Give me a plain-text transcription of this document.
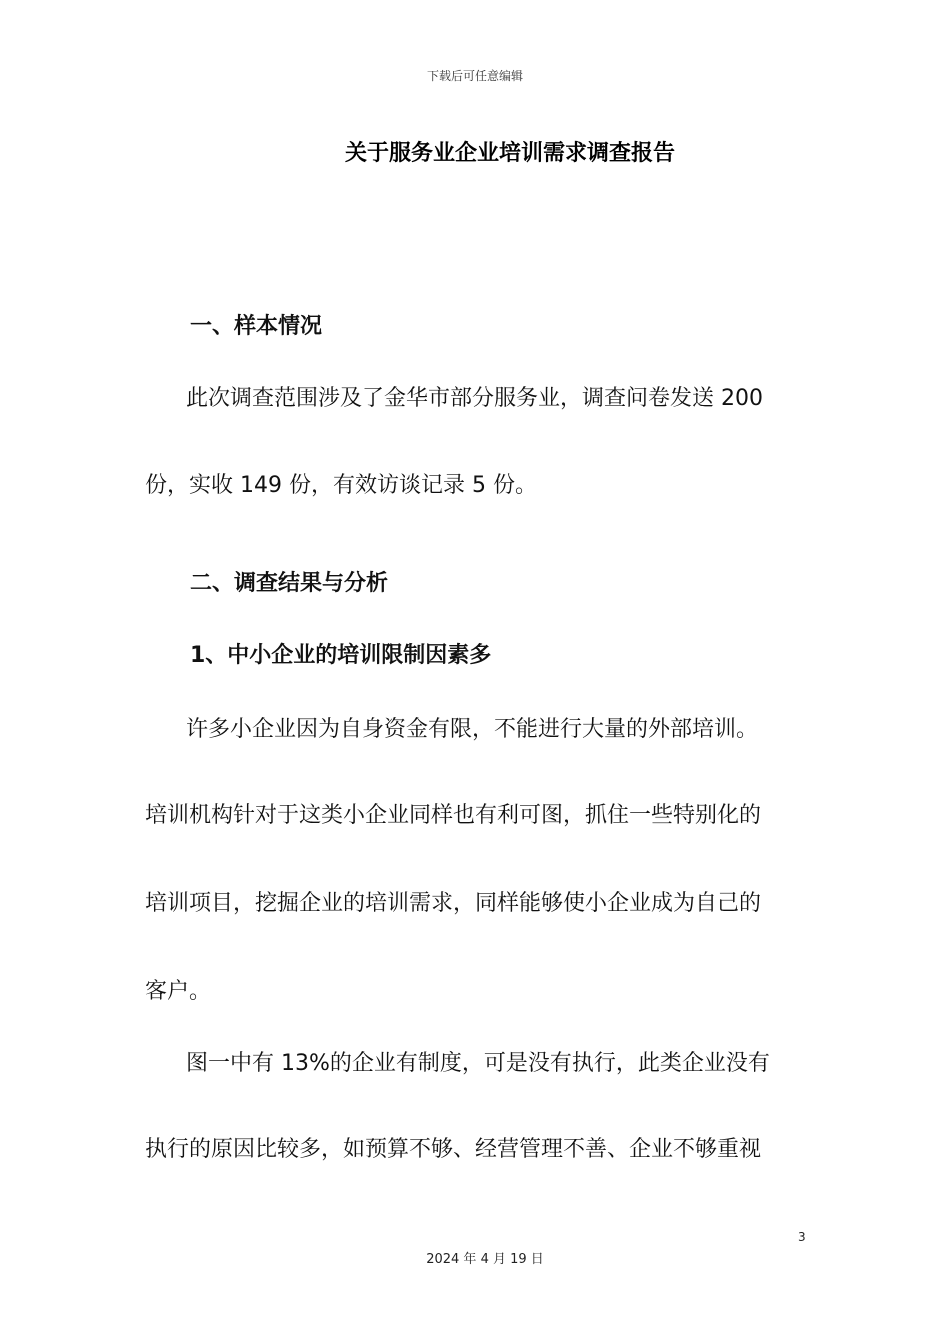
下载后可任意编辑
关于服务业企业培训需求调查报告
一、样本情况
此次调查范围涉及了金华市部分服务业，调查问卷发送 200
份，实收 149 份，有效访谈记录 5 份。
二、调查结果与分析
1、中小企业的培训限制因素多
许多小企业因为自身资金有限，不能进行大量的外部培训。
培训机构针对于这类小企业同样也有利可图，抓住一些特别化的
培训项目，挖掘企业的培训需求，同样能够使小企业成为自己的
客户。
图一中有 13%的企业有制度，可是没有执行，此类企业没有
执行的原因比较多，如预算不够、经营管理不善、企业不够重视
3
2024 年 4 月 19 日
